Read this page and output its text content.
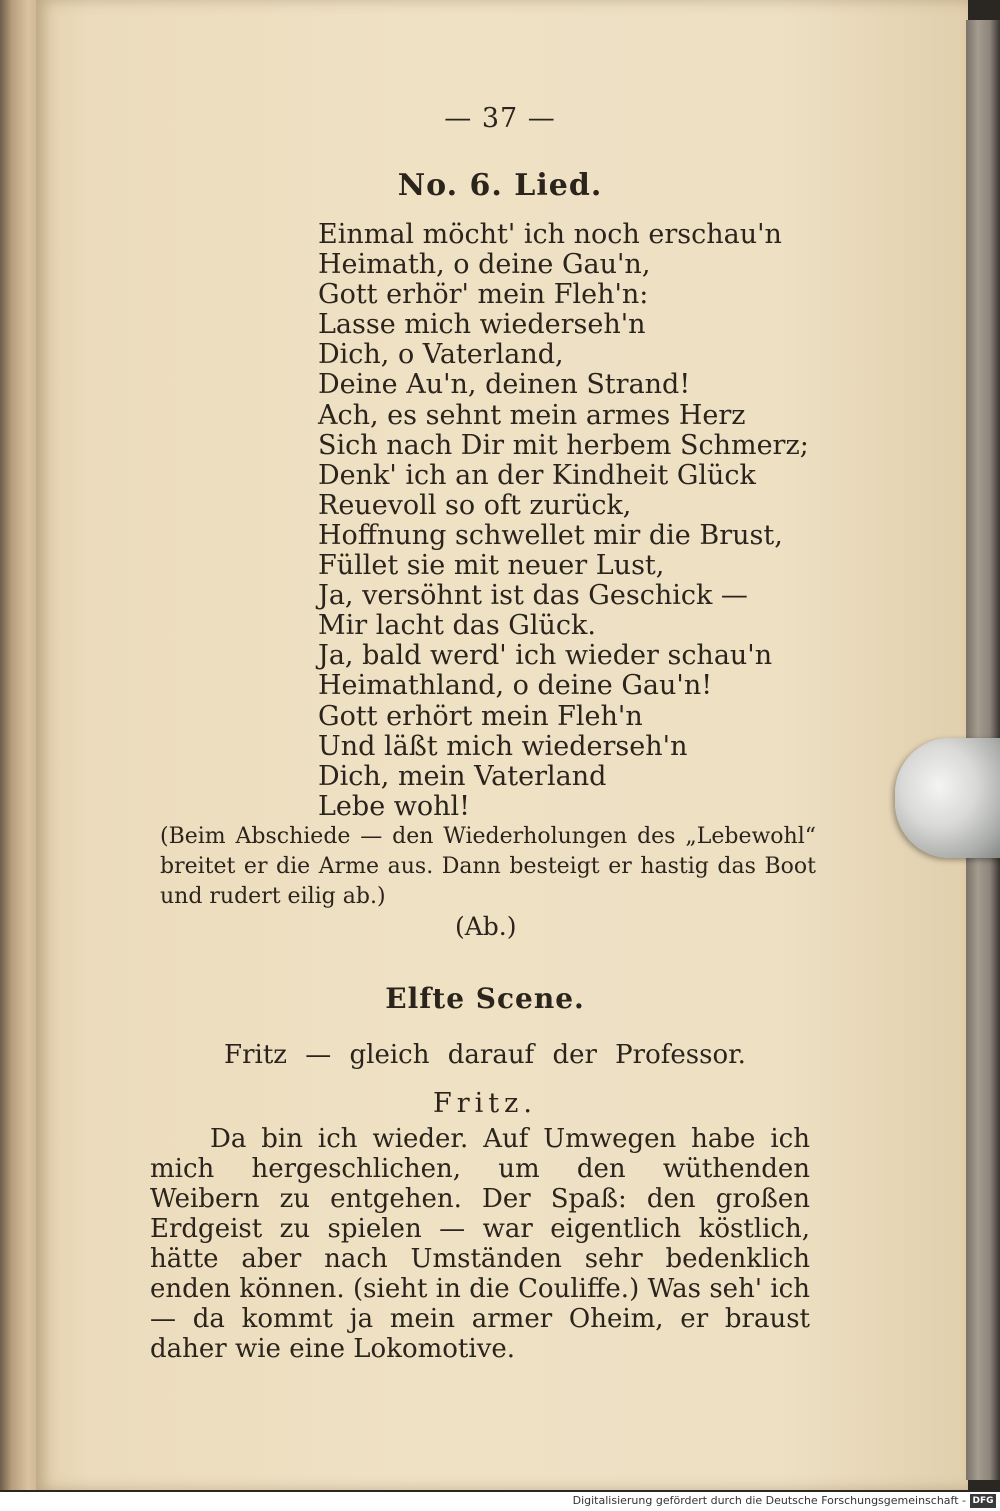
— 37 —
No. 6. Lied.
Einmal möcht' ich noch erschau'n
Heimath, o deine Gau'n,
Gott erhör' mein Fleh'n:
Lasse mich wiederseh'n
Dich, o Vaterland,
Deine Au'n, deinen Strand!
Ach, es sehnt mein armes Herz
Sich nach Dir mit herbem Schmerz;
Denk' ich an der Kindheit Glück
Reuevoll so oft zurück,
Hoffnung schwellet mir die Brust,
Füllet sie mit neuer Lust,
Ja, versöhnt ist das Geschick —
Mir lacht das Glück.
Ja, bald werd' ich wieder schau'n
Heimathland, o deine Gau'n!
Gott erhört mein Fleh'n
Und läßt mich wiederseh'n
Dich, mein Vaterland
Lebe wohl!
(Beim Abschiede — den Wiederholungen des „Lebewohl“ breitet er die Arme aus. Dann besteigt er hastig das Boot und rudert eilig ab.)
(Ab.)
Elfte Scene.
Fritz — gleich darauf der Professor.
Fritz.
Da bin ich wieder. Auf Umwegen habe ich mich hergeschlichen, um den wüthenden Weibern zu entgehen. Der Spaß: den großen Erdgeist zu spielen — war eigentlich köstlich, hätte aber nach Umständen sehr bedenklich enden können. (sieht in die Couliffe.) Was seh' ich — da kommt ja mein armer Oheim, er braust daher wie eine Lokomotive.
Digitalisierung gefördert durch die Deutsche Forschungsgemeinschaft - DFG
